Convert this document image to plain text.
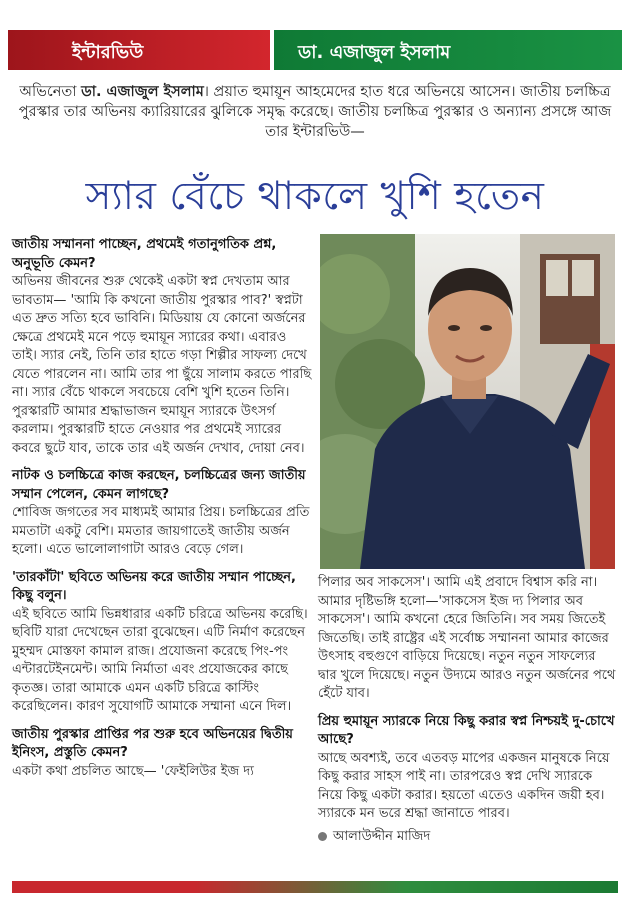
ইন্টারভিউ	ডা. এজাজুল ইসলাম
অভিনেতা ডা. এজাজুল ইসলাম। প্রয়াত হুমায়ূন আহমেদের হাত ধরে অভিনয়ে আসেন। জাতীয় চলচ্চিত্র পুরস্কার তার অভিনয় ক্যারিয়ারের ঝুলিকে সমৃদ্ধ করেছে। জাতীয় চলচ্চিত্র পুরস্কার ও অন্যান্য প্রসঙ্গে আজ তার ইন্টারভিউ—
স্যার বেঁচে থাকলে খুশি হতেন

জাতীয় সম্মাননা পাচ্ছেন, প্রথমেই গতানুগতিক প্রশ্ন, অনুভূতি কেমন?

অভিনয় জীবনের শুরু থেকেই একটা স্বপ্ন দেখতাম আর ভাবতাম— 'আমি কি কখনো জাতীয় পুরস্কার পাব?' স্বপ্নটা এত দ্রুত সত্যি হবে ভাবিনি। মিডিয়ায় যে কোনো অর্জনের ক্ষেত্রে প্রথমেই মনে পড়ে হুমায়ূন স্যারের কথা। এবারও তাই। স্যার নেই, তিনি তার হাতে গড়া শিল্পীর সাফল্য দেখে যেতে পারলেন না। আমি তার পা ছুঁয়ে সালাম করতে পারছি না। স্যার বেঁচে থাকলে সবচেয়ে বেশি খুশি হতেন তিনি। পুরস্কারটি আমার শ্রদ্ধাভাজন হুমায়ূন স্যারকে উৎসর্গ করলাম। পুরস্কারটি হাতে নেওয়ার পর প্রথমেই স্যারের কবরে ছুটে যাব, তাকে তার এই অর্জন দেখাব, দোয়া নেব।

নাটক ও চলচ্চিত্রে কাজ করছেন, চলচ্চিত্রের জন্য জাতীয় সম্মান পেলেন, কেমন লাগছে?

শোবিজ জগতের সব মাধ্যমই আমার প্রিয়। চলচ্চিত্রের প্রতি মমতাটা একটু বেশি। মমতার জায়গাতেই জাতীয় অর্জন হলো। এতে ভালোলাগাটা আরও বেড়ে গেল।

'তারকাঁটা' ছবিতে অভিনয় করে জাতীয় সম্মান পাচ্ছেন, কিছু বলুন।

এই ছবিতে আমি ভিন্নধারার একটি চরিত্রে অভিনয় করেছি। ছবিটি যারা দেখেছেন তারা বুঝেছেন। এটি নির্মাণ করেছেন মুহম্মদ মোস্তফা কামাল রাজ। প্রযোজনা করেছে পিং-পং এন্টারটেইনমেন্ট। আমি নির্মাতা এবং প্রযোজকের কাছে কৃতজ্ঞ। তারা আমাকে এমন একটি চরিত্রে কাস্টিং করেছিলেন। কারণ সুযোগটি আমাকে সম্মানা এনে দিল।

জাতীয় পুরস্কার প্রাপ্তির পর শুরু হবে অভিনয়ের দ্বিতীয় ইনিংস, প্রস্তুতি কেমন?

একটা কথা প্রচলিত আছে— 'ফেইলিউর ইজ দ্য

পিলার অব সাকসেস'। আমি এই প্রবাদে বিশ্বাস করি না। আমার দৃষ্টিভঙ্গি হলো—'সাকসেস ইজ দ্য পিলার অব সাকসেস'। আমি কখনো হেরে জিতিনি। সব সময় জিতেই জিতেছি। তাই রাষ্ট্রের এই সর্বোচ্চ সম্মাননা আমার কাজের উৎসাহ বহুগুণে বাড়িয়ে দিয়েছে। নতুন নতুন সাফল্যের দ্বার খুলে দিয়েছে। নতুন উদ্যমে আরও নতুন অর্জনের পথে হেঁটে যাব।

প্রিয় হুমায়ূন স্যারকে নিয়ে কিছু করার স্বপ্ন নিশ্চয়ই দু-চোখে আছে?

আছে অবশ্যই, তবে এতবড় মাপের একজন মানুষকে নিয়ে কিছু করার সাহস পাই না। তারপরেও স্বপ্ন দেখি স্যারকে নিয়ে কিছু একটা করার। হয়তো এতেও একদিন জয়ী হব। স্যারকে মন ভরে শ্রদ্ধা জানাতে পারব।

আলাউদ্দীন মাজিদ
